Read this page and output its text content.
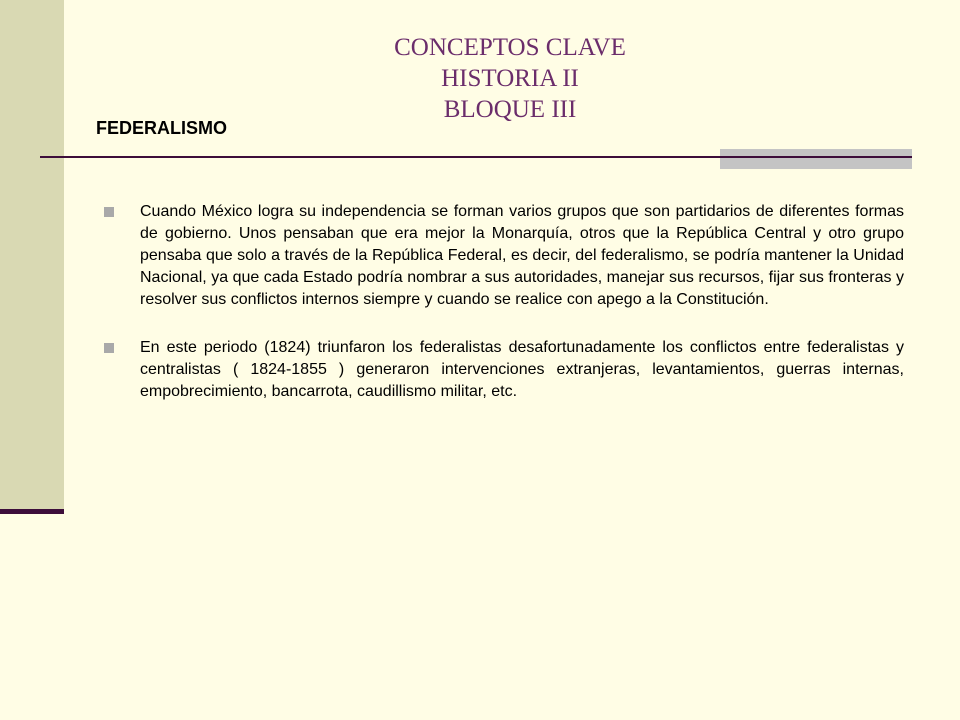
CONCEPTOS CLAVE
HISTORIA II
BLOQUE III
FEDERALISMO
Cuando México logra su independencia se forman varios grupos que son partidarios de diferentes formas de gobierno. Unos pensaban que era mejor la Monarquía, otros que la República Central y otro grupo pensaba que solo a través de la República Federal, es decir, del federalismo, se podría mantener la Unidad Nacional, ya que cada Estado podría nombrar a sus autoridades, manejar sus recursos, fijar sus fronteras y resolver sus conflictos internos siempre y cuando se realice con apego a la Constitución.
En este periodo (1824) triunfaron los federalistas desafortunadamente los conflictos entre federalistas y centralistas ( 1824-1855 ) generaron intervenciones extranjeras, levantamientos, guerras internas, empobrecimiento, bancarrota, caudillismo militar, etc.
